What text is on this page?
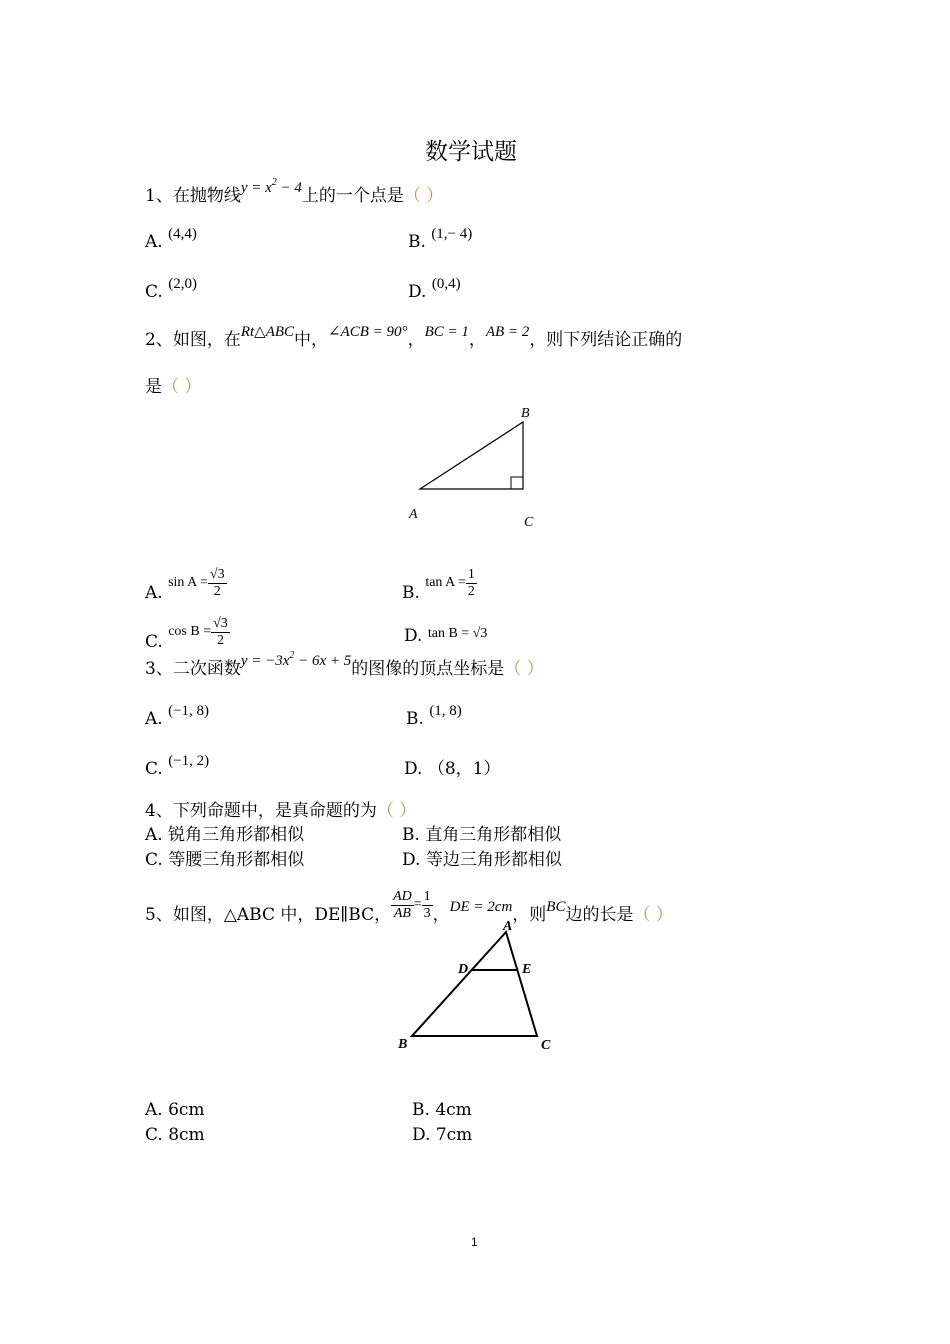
数学试题
1、在抛物线$y = x^2 - 4$上的一个点是（ ）
A. (4,4)	B. (1,− 4)
C. (2,0)	D. (0,4)
2、如图，在Rt△ABC中，∠ACB = 90°，BC = 1，AB = 2，则下列结论正确的
是（ ）
B
A
C
A. $^{sin A =} \frac{√3}{2}$	B. $^{tan A =} \frac{1}{2}$
C. $^{cos B =} \frac{√3}{2}$	D. $^{tan B = √3}$
3、二次函数$y = -3x^2 - 6x + 5$的图像的顶点坐标是（ ）
A. (−1, 8)	B. (1, 8)
C. (−1, 2)	D. （8，1）
4、下列命题中，是真命题的为（ ）
A. 锐角三角形都相似	B. 直角三角形都相似
C. 等腰三角形都相似	D. 等边三角形都相似
5、如图，△ABC 中，DE∥BC， $\frac{AD}{AB} ^= \frac{1}{3}$ ，DE = 2cm，则BC边的长是（ ）
A
D	E
B	C
A. 6cm	B. 4cm
C. 8cm	D. 7cm
1
